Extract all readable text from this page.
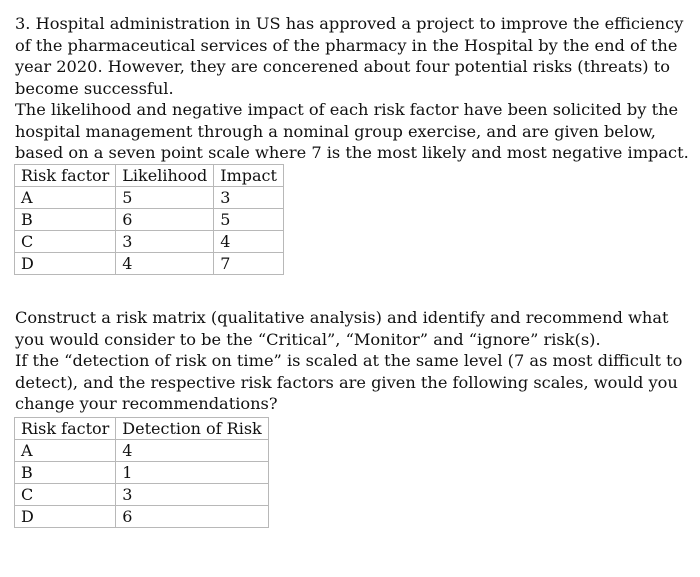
3. Hospital administration in US has approved a project to improve the efficiency
of the pharmaceutical services of the pharmacy in the Hospital by the end of the
year 2020. However, they are concerened about four potential risks (threats) to
become successful.
The likelihood and negative impact of each risk factor have been solicited by the
hospital management through a nominal group exercise, and are given below,
based on a seven point scale where 7 is the most likely and most negative impact.

Risk factor	Likelihood	Impact
A	5	3
B	6	5
C	3	4
D	4	7

Construct a risk matrix (qualitative analysis) and identify and recommend what
you would consider to be the “Critical”, “Monitor” and “ignore” risk(s).
If the “detection of risk on time” is scaled at the same level (7 as most difficult to
detect), and the respective risk factors are given the following scales, would you
change your recommendations?

Risk factor	Detection of Risk
A	4
B	1
C	3
D	6
